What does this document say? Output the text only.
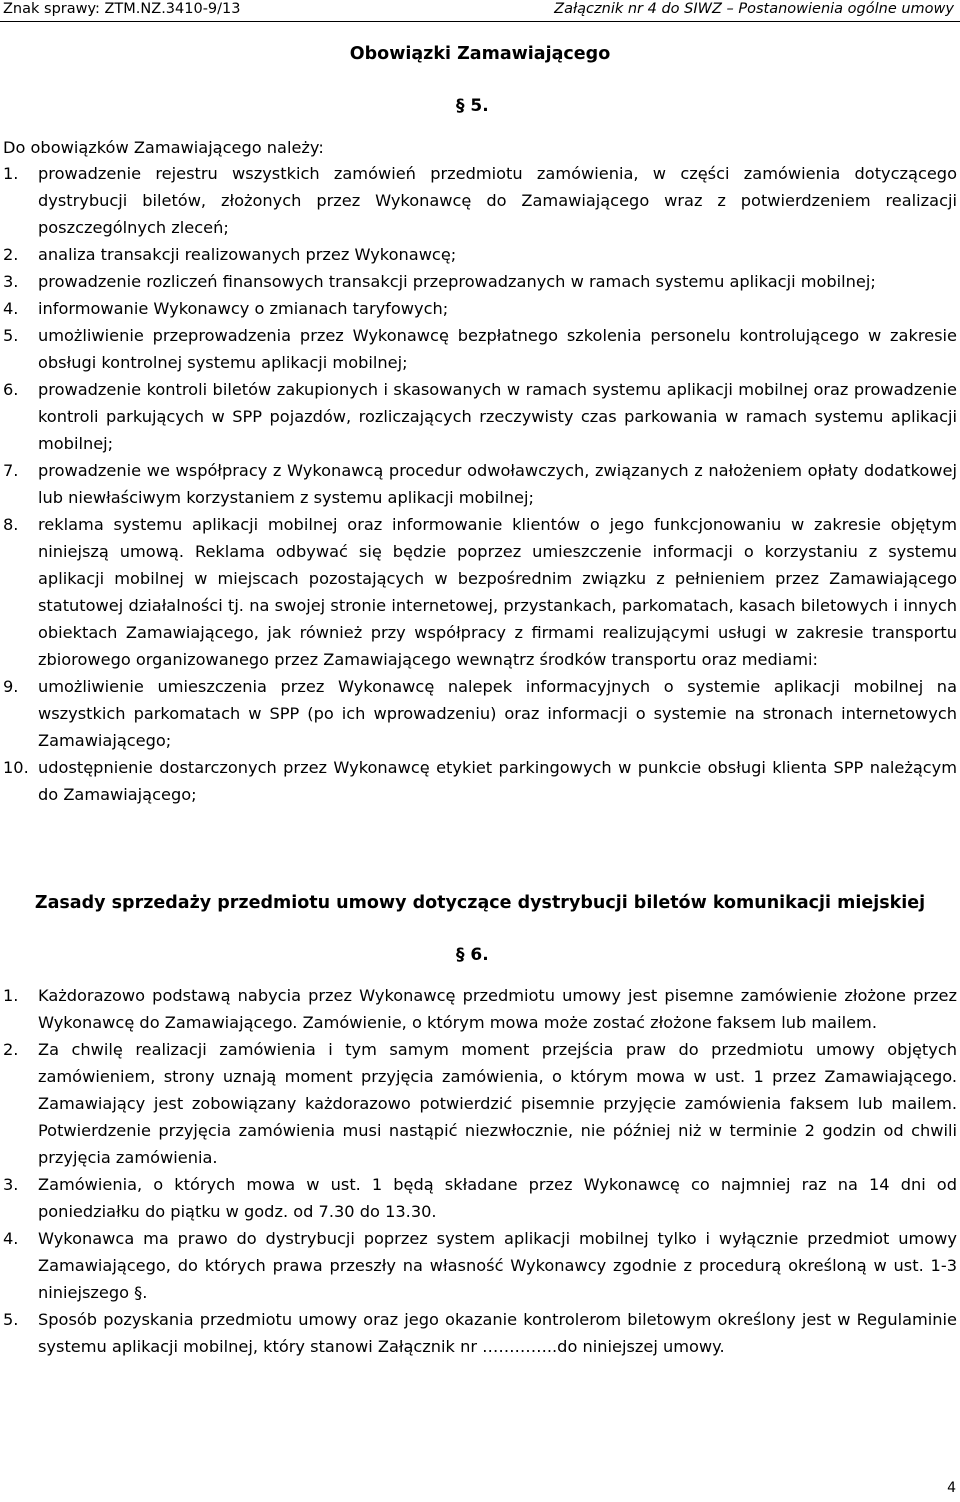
Znak sprawy: ZTM.NZ.3410-9/13	Załącznik nr 4 do SIWZ – Postanowienia ogólne umowy
Obowiązki Zamawiającego
§ 5.
Do obowiązków Zamawiającego należy:
1. prowadzenie rejestru wszystkich zamówień przedmiotu zamówienia, w części zamówienia dotyczącego dystrybucji biletów, złożonych przez Wykonawcę do Zamawiającego wraz z potwierdzeniem realizacji poszczególnych zleceń;
2. analiza transakcji realizowanych przez Wykonawcę;
3. prowadzenie rozliczeń finansowych transakcji przeprowadzanych w ramach systemu aplikacji mobilnej;
4. informowanie Wykonawcy o zmianach taryfowych;
5. umożliwienie przeprowadzenia przez Wykonawcę bezpłatnego szkolenia personelu kontrolującego w zakresie obsługi kontrolnej systemu aplikacji mobilnej;
6. prowadzenie kontroli biletów zakupionych i skasowanych w ramach systemu aplikacji mobilnej oraz prowadzenie kontroli parkujących w SPP pojazdów, rozliczających rzeczywisty czas parkowania w ramach systemu aplikacji mobilnej;
7. prowadzenie we współpracy z Wykonawcą procedur odwoławczych, związanych z nałożeniem opłaty dodatkowej lub niewłaściwym korzystaniem z systemu aplikacji mobilnej;
8. reklama systemu aplikacji mobilnej oraz informowanie klientów o jego funkcjonowaniu w zakresie objętym niniejszą umową. Reklama odbywać się będzie poprzez umieszczenie informacji o korzystaniu z systemu aplikacji mobilnej w miejscach pozostających w bezpośrednim związku z pełnieniem przez Zamawiającego statutowej działalności tj. na swojej stronie internetowej, przystankach, parkomatach, kasach biletowych i innych obiektach Zamawiającego, jak również przy współpracy z firmami realizującymi usługi w zakresie transportu zbiorowego organizowanego przez Zamawiającego wewnątrz środków transportu oraz mediami:
9. umożliwienie umieszczenia przez Wykonawcę nalepek informacyjnych o systemie aplikacji mobilnej na wszystkich parkomatach w SPP (po ich wprowadzeniu) oraz informacji o systemie na stronach internetowych Zamawiającego;
10. udostępnienie dostarczonych przez Wykonawcę etykiet parkingowych w punkcie obsługi klienta SPP należącym do Zamawiającego;
Zasady sprzedaży przedmiotu umowy dotyczące dystrybucji biletów komunikacji miejskiej
§ 6.
1. Każdorazowo podstawą nabycia przez Wykonawcę przedmiotu umowy jest pisemne zamówienie złożone przez Wykonawcę do Zamawiającego. Zamówienie, o którym mowa może zostać złożone faksem lub mailem.
2. Za chwilę realizacji zamówienia i tym samym moment przejścia praw do przedmiotu umowy objętych zamówieniem, strony uznają moment przyjęcia zamówienia, o którym mowa w ust. 1 przez Zamawiającego. Zamawiający jest zobowiązany każdorazowo potwierdzić pisemnie przyjęcie zamówienia faksem lub mailem. Potwierdzenie przyjęcia zamówienia musi nastąpić niezwłocznie, nie później niż w terminie 2 godzin od chwili przyjęcia zamówienia.
3. Zamówienia, o których mowa w ust. 1 będą składane przez Wykonawcę co najmniej raz na 14 dni od poniedziałku do piątku w godz. od 7.30 do 13.30.
4. Wykonawca ma prawo do dystrybucji poprzez system aplikacji mobilnej tylko i wyłącznie przedmiot umowy Zamawiającego, do których prawa przeszły na własność Wykonawcy zgodnie z procedurą określoną w ust. 1-3 niniejszego §.
5. Sposób pozyskania przedmiotu umowy oraz jego okazanie kontrolerom biletowym określony jest w Regulaminie systemu aplikacji mobilnej, który stanowi Załącznik nr …………..do niniejszej umowy.
4
